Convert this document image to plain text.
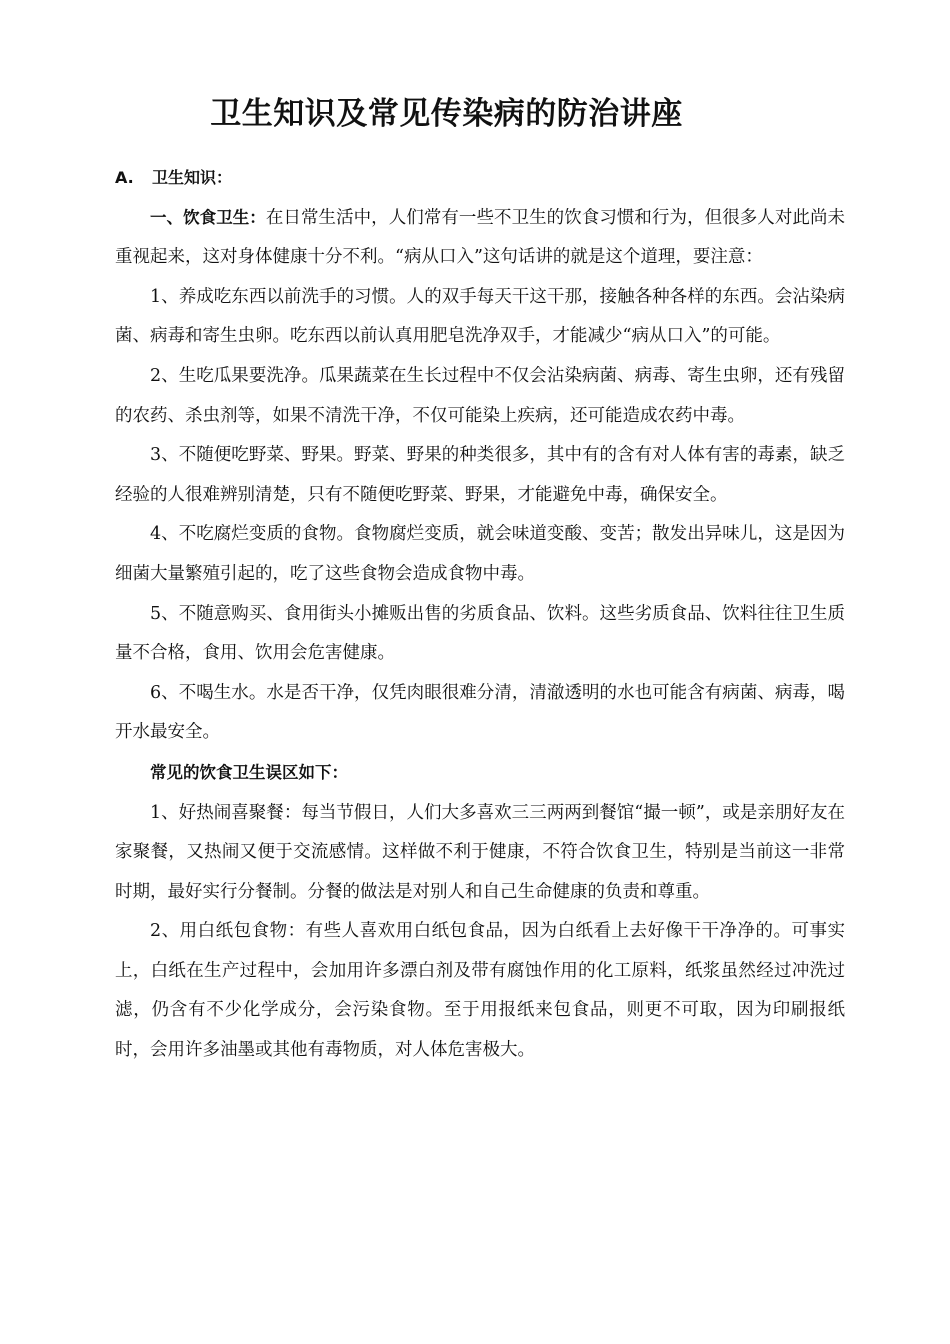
卫生知识及常见传染病的防治讲座

A. 卫生知识：

一、饮食卫生：在日常生活中，人们常有一些不卫生的饮食习惯和行为，但很多人对此尚未重视起来，这对身体健康十分不利。“病从口入”这句话讲的就是这个道理，要注意：

1、养成吃东西以前洗手的习惯。人的双手每天干这干那，接触各种各样的东西。会沾染病菌、病毒和寄生虫卵。吃东西以前认真用肥皂洗净双手，才能减少“病从口入”的可能。

2、生吃瓜果要洗净。瓜果蔬菜在生长过程中不仅会沾染病菌、病毒、寄生虫卵，还有残留的农药、杀虫剂等，如果不清洗干净，不仅可能染上疾病，还可能造成农药中毒。

3、不随便吃野菜、野果。野菜、野果的种类很多，其中有的含有对人体有害的毒素，缺乏经验的人很难辨别清楚，只有不随便吃野菜、野果，才能避免中毒，确保安全。

4、不吃腐烂变质的食物。食物腐烂变质，就会味道变酸、变苦；散发出异味儿，这是因为细菌大量繁殖引起的，吃了这些食物会造成食物中毒。

5、不随意购买、食用街头小摊贩出售的劣质食品、饮料。这些劣质食品、饮料往往卫生质量不合格，食用、饮用会危害健康。

6、不喝生水。水是否干净，仅凭肉眼很难分清，清澈透明的水也可能含有病菌、病毒，喝开水最安全。

常见的饮食卫生误区如下：

1、好热闹喜聚餐：每当节假日，人们大多喜欢三三两两到餐馆“撮一顿”，或是亲朋好友在家聚餐，又热闹又便于交流感情。这样做不利于健康，不符合饮食卫生，特别是当前这一非常时期，最好实行分餐制。分餐的做法是对别人和自己生命健康的负责和尊重。

2、用白纸包食物：有些人喜欢用白纸包食品，因为白纸看上去好像干干净净的。可事实上，白纸在生产过程中，会加用许多漂白剂及带有腐蚀作用的化工原料，纸浆虽然经过冲洗过滤，仍含有不少化学成分，会污染食物。至于用报纸来包食品，则更不可取，因为印刷报纸时，会用许多油墨或其他有毒物质，对人体危害极大。
